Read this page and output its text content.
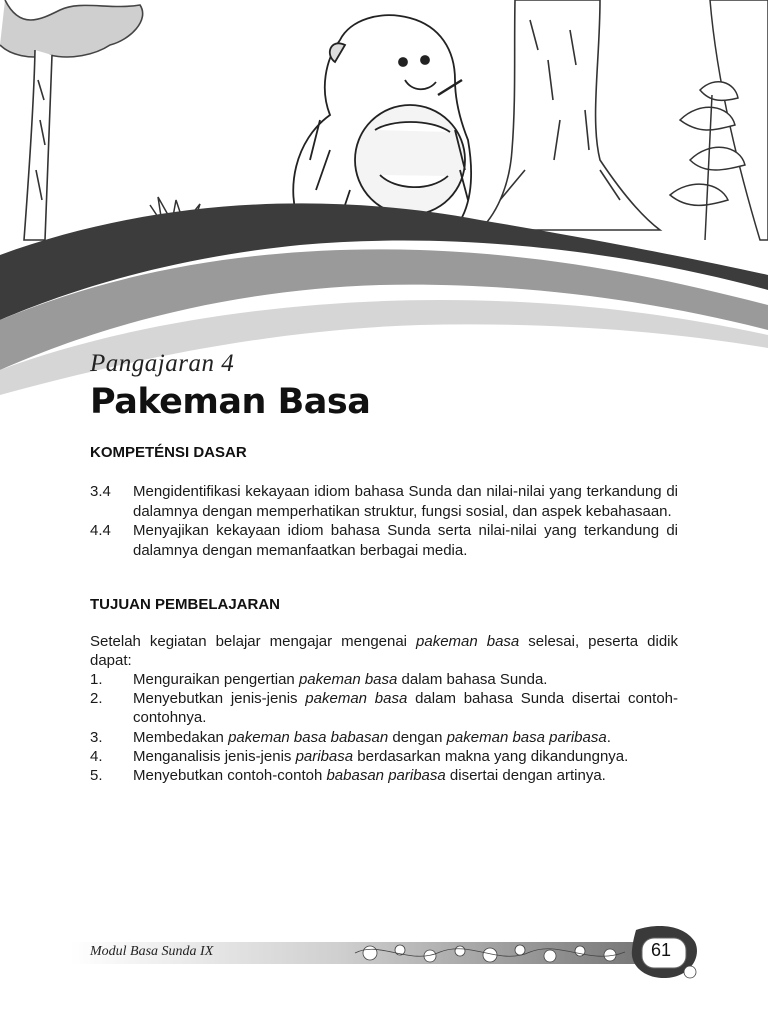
Pangajaran 4
Pakeman Basa
KOMPETÉNSI DASAR
3.4	Mengidentifikasi kekayaan idiom bahasa Sunda dan nilai-nilai yang terkandung di dalamnya dengan memperhatikan struktur, fungsi sosial, dan aspek kebahasaan.
4.4	Menyajikan kekayaan idiom bahasa Sunda serta nilai-nilai yang terkandung di dalamnya dengan memanfaatkan berbagai media.
TUJUAN PEMBELAJARAN

Setelah kegiatan belajar mengajar mengenai pakeman basa selesai, peserta didik dapat:

1.	Menguraikan pengertian pakeman basa dalam bahasa Sunda.
2.	Menyebutkan jenis-jenis pakeman basa dalam bahasa Sunda disertai contoh-contohnya.
3.	Membedakan pakeman basa babasan dengan pakeman basa paribasa.
4.	Menganalisis jenis-jenis paribasa berdasarkan makna yang dikandungnya.
5.	Menyebutkan contoh-contoh babasan paribasa disertai dengan artinya.
Modul Basa Sunda IX	61
